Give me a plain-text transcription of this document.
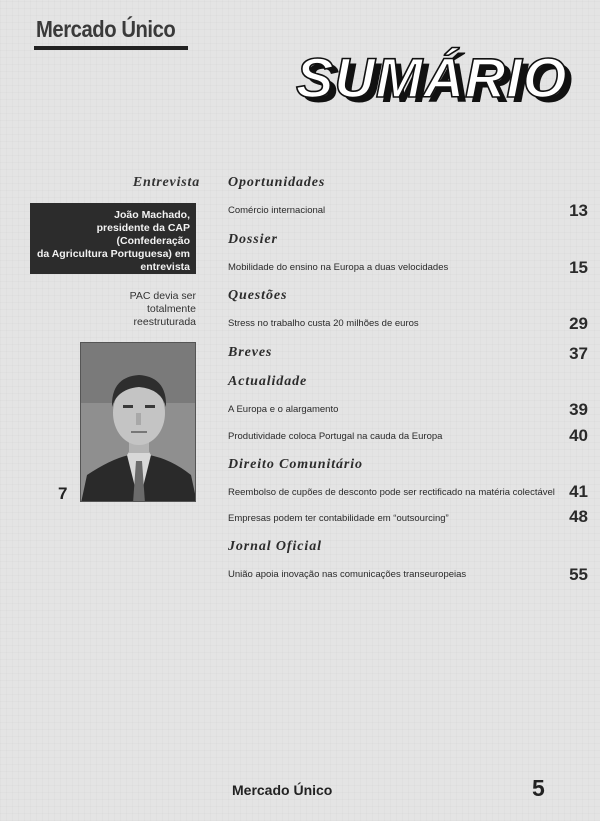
Mercado Único
SUMÁRIO
Entrevista
João Machado,
presidente da CAP
(Confederação
da Agricultura Portuguesa) em
entrevista
PAC devia ser
totalmente
reestruturada
7
Oportunidades
Comércio internacional	13
Dossier
Mobilidade do ensino na Europa a duas velocidades	15
Questões
Stress no trabalho custa 20 milhões de euros	29
Breves	37
Actualidade
A Europa e o alargamento	39
Produtividade coloca Portugal na cauda da Europa	40
Direito Comunitário
Reembolso de cupões de desconto pode ser rectificado na matéria colectável 41
Empresas podem ter contabilidade em “outsourcing”	48
Jornal Oficial
União apoia inovação nas comunicações transeuropeias	55
Mercado Único	5
